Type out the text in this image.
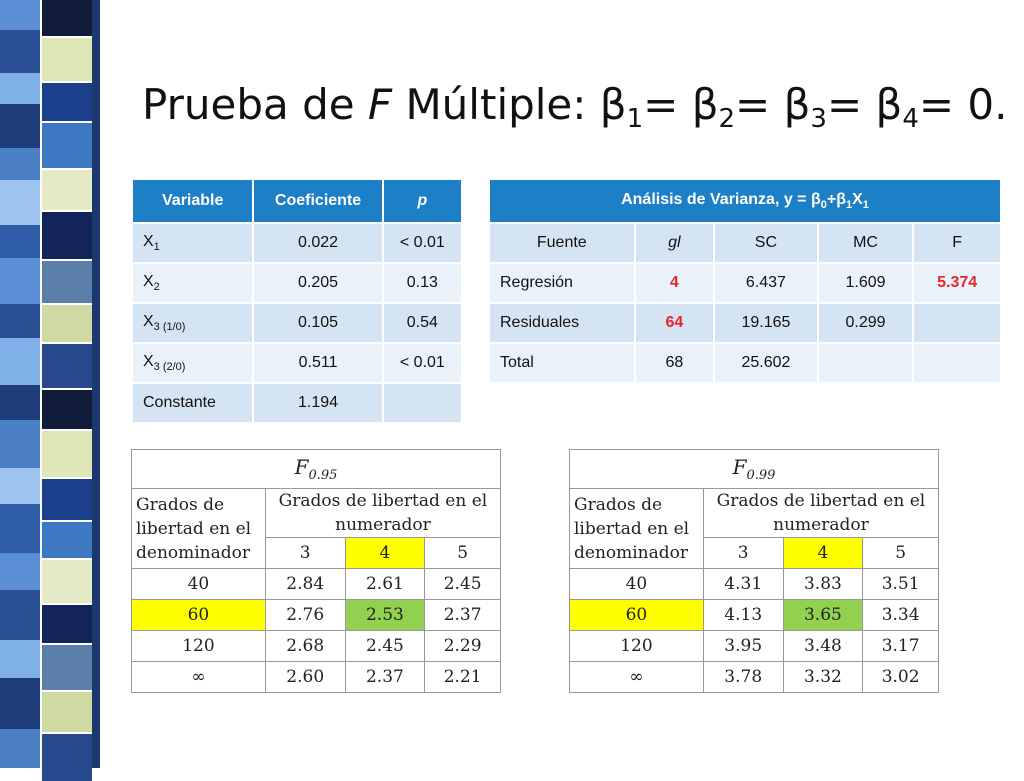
Prueba de F Múltiple: $\beta_1= \beta_2= \beta_3= \beta_4= 0$.
Variable	Coeficiente	p
$X_1$	0.022	< 0.01
$X_2$	0.205	0.13
$X_{3 (1/0)}$	0.105	0.54
$X_{3 (2/0)}$	0.511	< 0.01
Constante	1.194	
Análisis de Varianza, $y = \beta_0+\beta_1X_1$
Fuente	gl	SC	MC	F
Regresión	4	6.437	1.609	5.374
Residuales	64	19.165	0.299	
Total	68	25.602		
$F_{0.95}$
Grados de libertad en el denominador	Grados de libertad en el numerador		
	3	4	5
40	2.84	2.61	2.45
60	2.76	2.53	2.37
120	2.68	2.45	2.29
∞	2.60	2.37	2.21
$F_{0.99}$
Grados de libertad en el denominador	Grados de libertad en el numerador		
	3	4	5
40	4.31	3.83	3.51
60	4.13	3.65	3.34
120	3.95	3.48	3.17
∞	3.78	3.32	3.02
